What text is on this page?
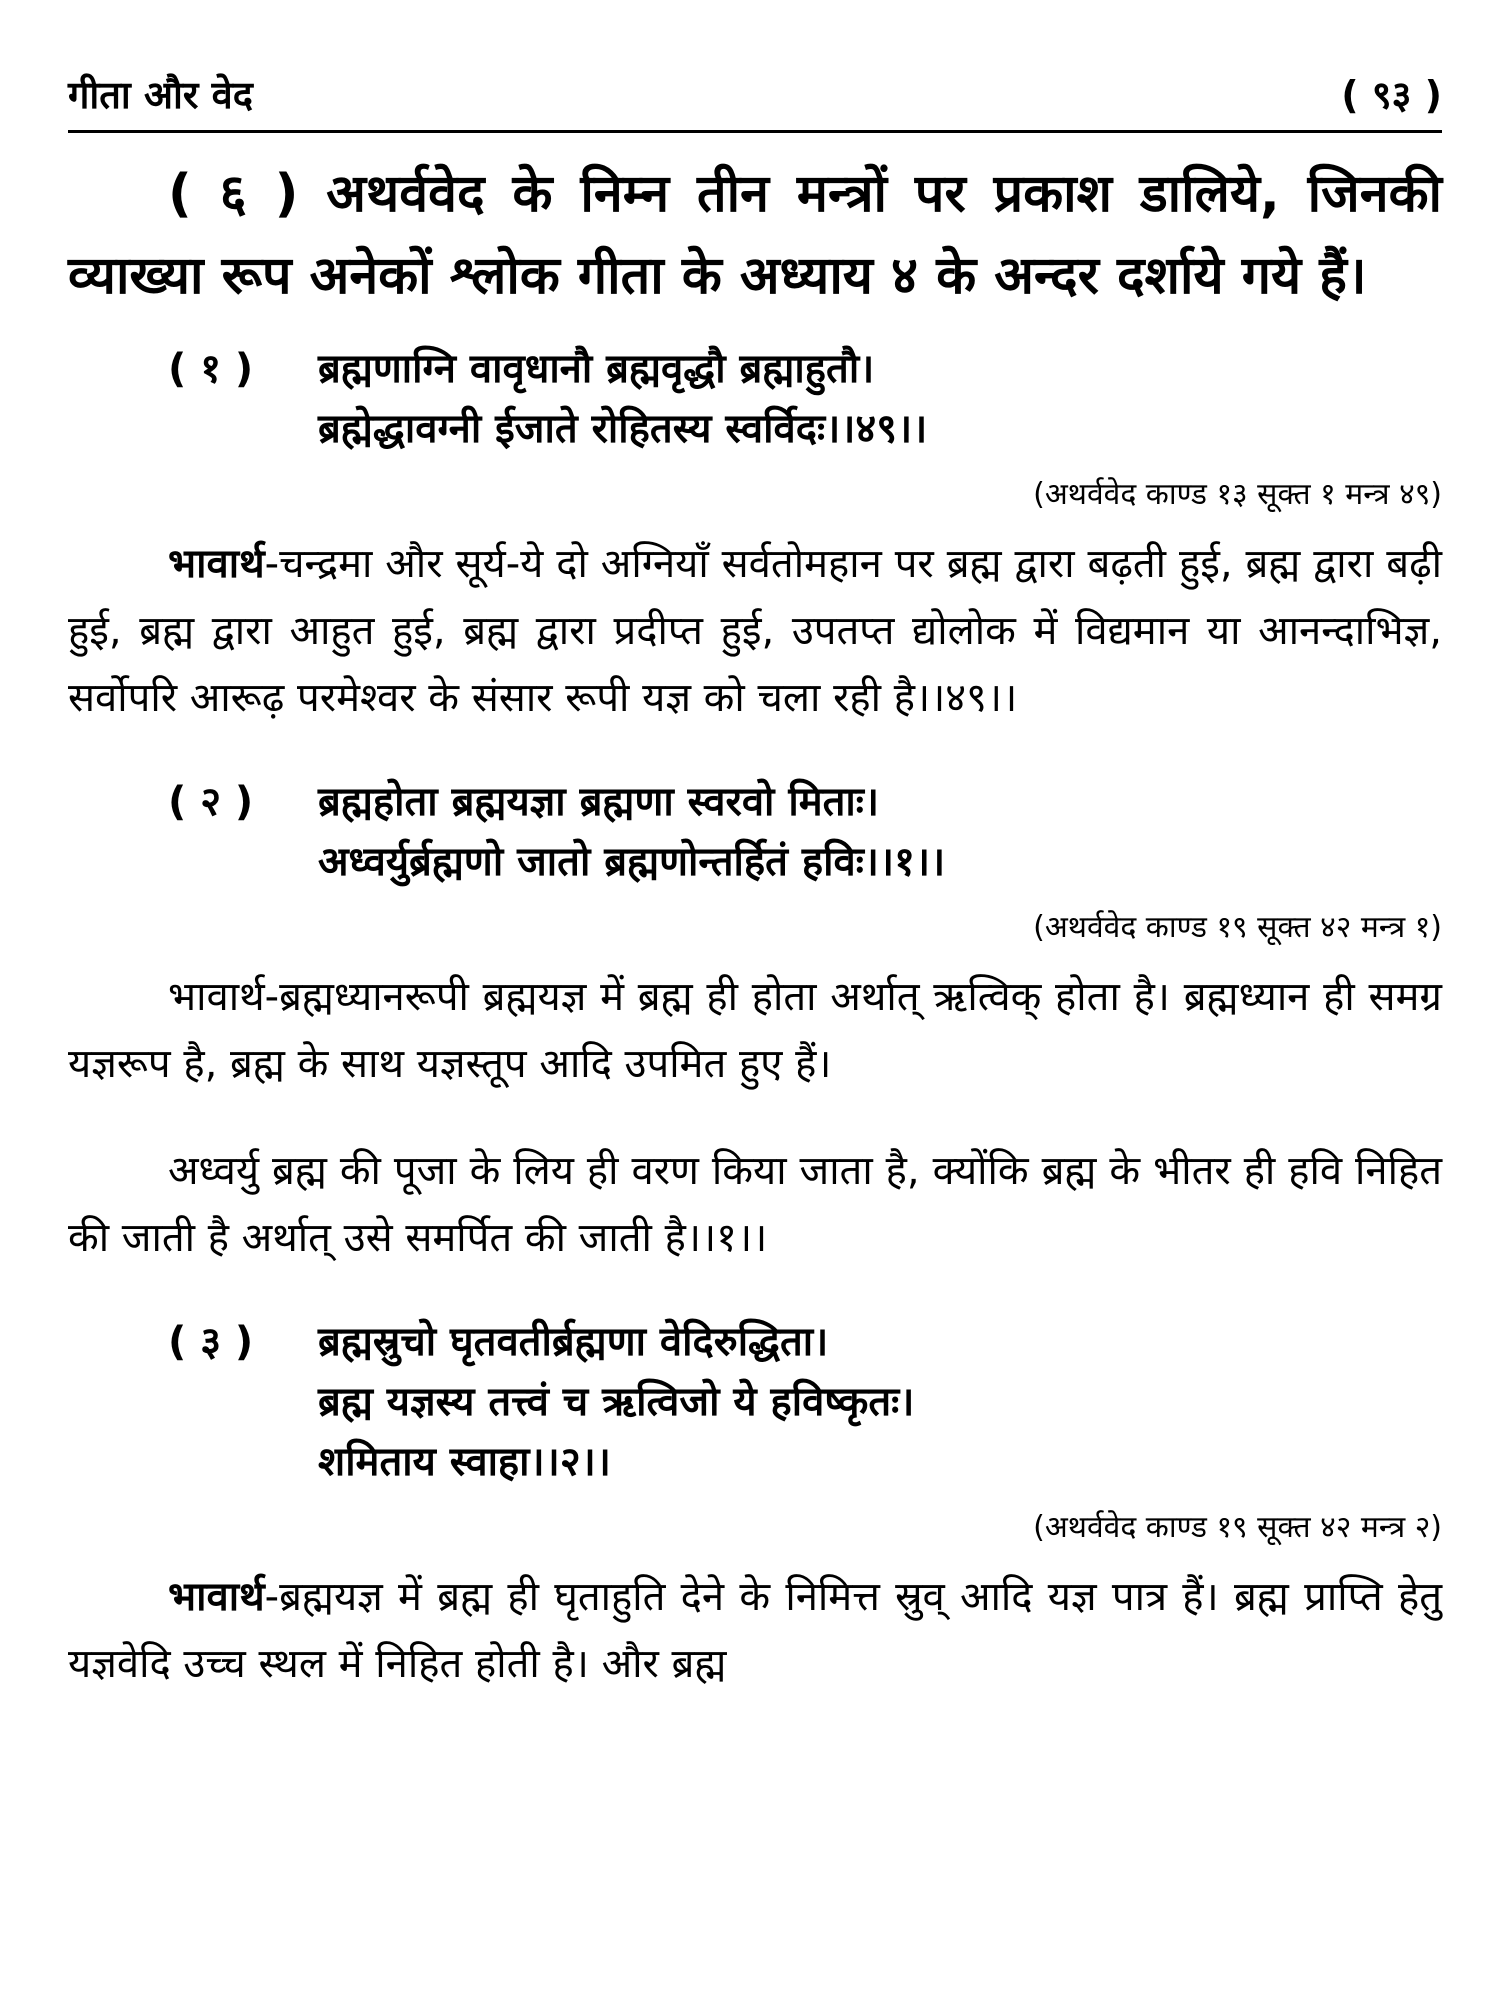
गीता और वेद	( ९३ )
( ६ ) अथर्ववेद के निम्न तीन मन्त्रों पर प्रकाश डालिये, जिनकी व्याख्या रूप अनेकों श्लोक गीता के अध्याय ४ के अन्दर दर्शाये गये हैं।
( १ )	ब्रह्मणाग्नि वावृधानौ ब्रह्मवृद्धौ ब्रह्माहुतौ।
ब्रह्मेद्धावग्नी ईजाते रोहितस्य स्वर्विदः।।४९।।
(अथर्ववेद काण्ड १३ सूक्त १ मन्त्र ४९)

भावार्थ-चन्द्रमा और सूर्य-ये दो अग्नियाँ सर्वतोमहान पर ब्रह्म द्वारा बढ़ती हुई, ब्रह्म द्वारा बढ़ी हुई, ब्रह्म द्वारा आहुत हुई, ब्रह्म द्वारा प्रदीप्त हुई, उपतप्त द्योलोक में विद्यमान या आनन्दाभिज्ञ, सर्वोपरि आरूढ़ परमेश्वर के संसार रूपी यज्ञ को चला रही है।।४९।।

( २ )	ब्रह्महोता ब्रह्मयज्ञा ब्रह्मणा स्वरवो मिताः।
अध्वर्युर्ब्रह्मणो जातो ब्रह्मणोन्तर्हितं हविः।।१।।
(अथर्ववेद काण्ड १९ सूक्त ४२ मन्त्र १)

भावार्थ-ब्रह्मध्यानरूपी ब्रह्मयज्ञ में ब्रह्म ही होता अर्थात् ऋत्विक् होता है। ब्रह्मध्यान ही समग्र यज्ञरूप है, ब्रह्म के साथ यज्ञस्तूप आदि उपमित हुए हैं।

अध्वर्यु ब्रह्म की पूजा के लिय ही वरण किया जाता है, क्योंकि ब्रह्म के भीतर ही हवि निहित की जाती है अर्थात् उसे समर्पित की जाती है।।१।।

( ३ )	ब्रह्मस्रुचो घृतवतीर्ब्रह्मणा वेदिरुद्धिता।
ब्रह्म यज्ञस्य तत्त्वं च ऋत्विजो ये हविष्कृतः।
शमिताय स्वाहा।।२।।
(अथर्ववेद काण्ड १९ सूक्त ४२ मन्त्र २)

भावार्थ-ब्रह्मयज्ञ में ब्रह्म ही घृताहुति देने के निमित्त स्रुव् आदि यज्ञ पात्र हैं। ब्रह्म प्राप्ति हेतु यज्ञवेदि उच्च स्थल में निहित होती है। और ब्रह्म
